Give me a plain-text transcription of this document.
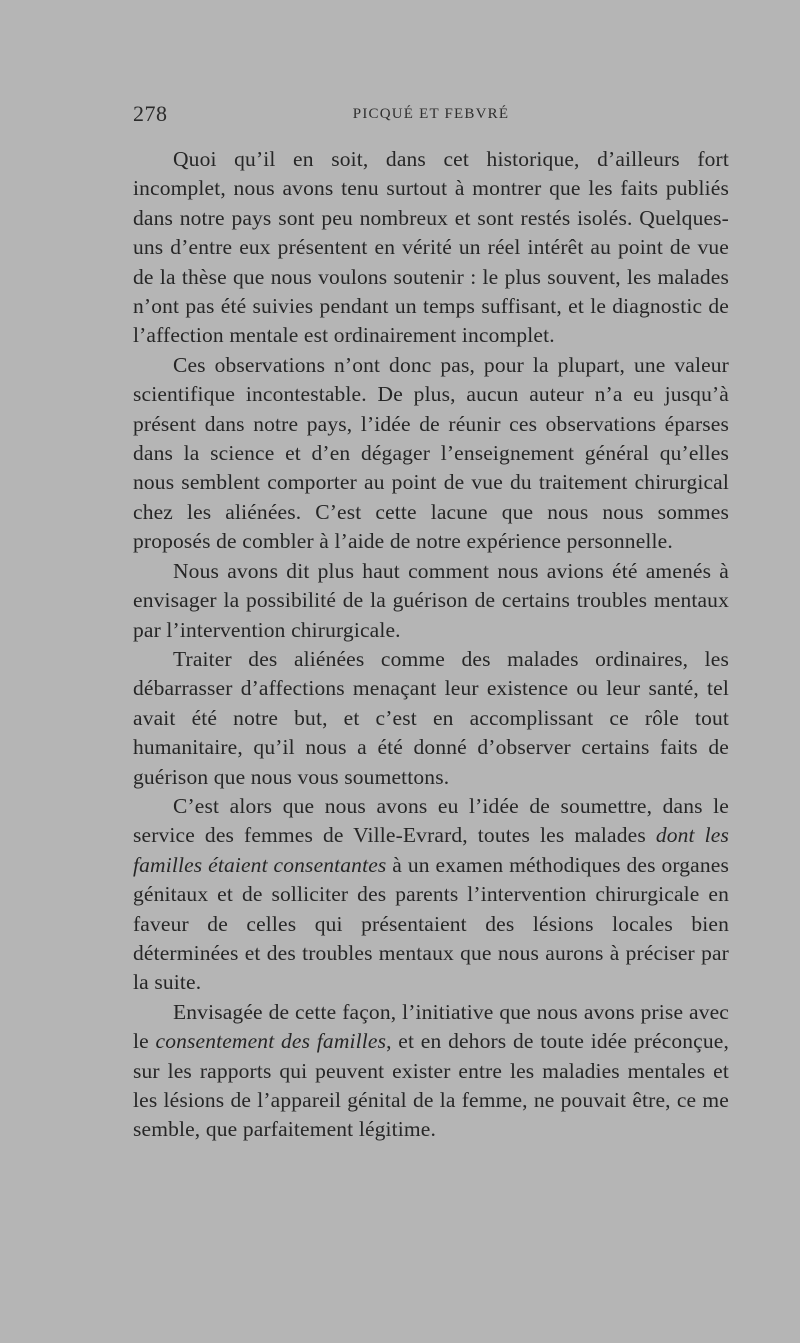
278	PICQUÉ ET FEBVRÉ

Quoi qu’il en soit, dans cet historique, d’ailleurs fort incomplet, nous avons tenu surtout à montrer que les faits publiés dans notre pays sont peu nombreux et sont restés isolés. Quelques-uns d’entre eux présentent en vérité un réel intérêt au point de vue de la thèse que nous voulons soutenir : le plus souvent, les malades n’ont pas été suivies pendant un temps suffisant, et le diagnostic de l’affection mentale est ordinairement incomplet.

Ces observations n’ont donc pas, pour la plupart, une valeur scientifique incontestable. De plus, aucun auteur n’a eu jusqu’à présent dans notre pays, l’idée de réunir ces observations éparses dans la science et d’en dégager l’enseignement général qu’elles nous semblent comporter au point de vue du traitement chirurgical chez les aliénées. C’est cette lacune que nous nous sommes proposés de combler à l’aide de notre expérience personnelle.

Nous avons dit plus haut comment nous avions été amenés à envisager la possibilité de la guérison de certains troubles mentaux par l’intervention chirurgicale.

Traiter des aliénées comme des malades ordinaires, les débarrasser d’affections menaçant leur existence ou leur santé, tel avait été notre but, et c’est en accomplissant ce rôle tout humanitaire, qu’il nous a été donné d’observer certains faits de guérison que nous vous soumettons.

C’est alors que nous avons eu l’idée de soumettre, dans le service des femmes de Ville-Evrard, toutes les malades dont les familles étaient consentantes à un examen méthodiques des organes génitaux et de solliciter des parents l’intervention chirurgicale en faveur de celles qui présentaient des lésions locales bien déterminées et des troubles mentaux que nous aurons à préciser par la suite.

Envisagée de cette façon, l’initiative que nous avons prise avec le consentement des familles, et en dehors de toute idée préconçue, sur les rapports qui peuvent exister entre les maladies mentales et les lésions de l’appareil génital de la femme, ne pouvait être, ce me semble, que parfaitement légitime.
